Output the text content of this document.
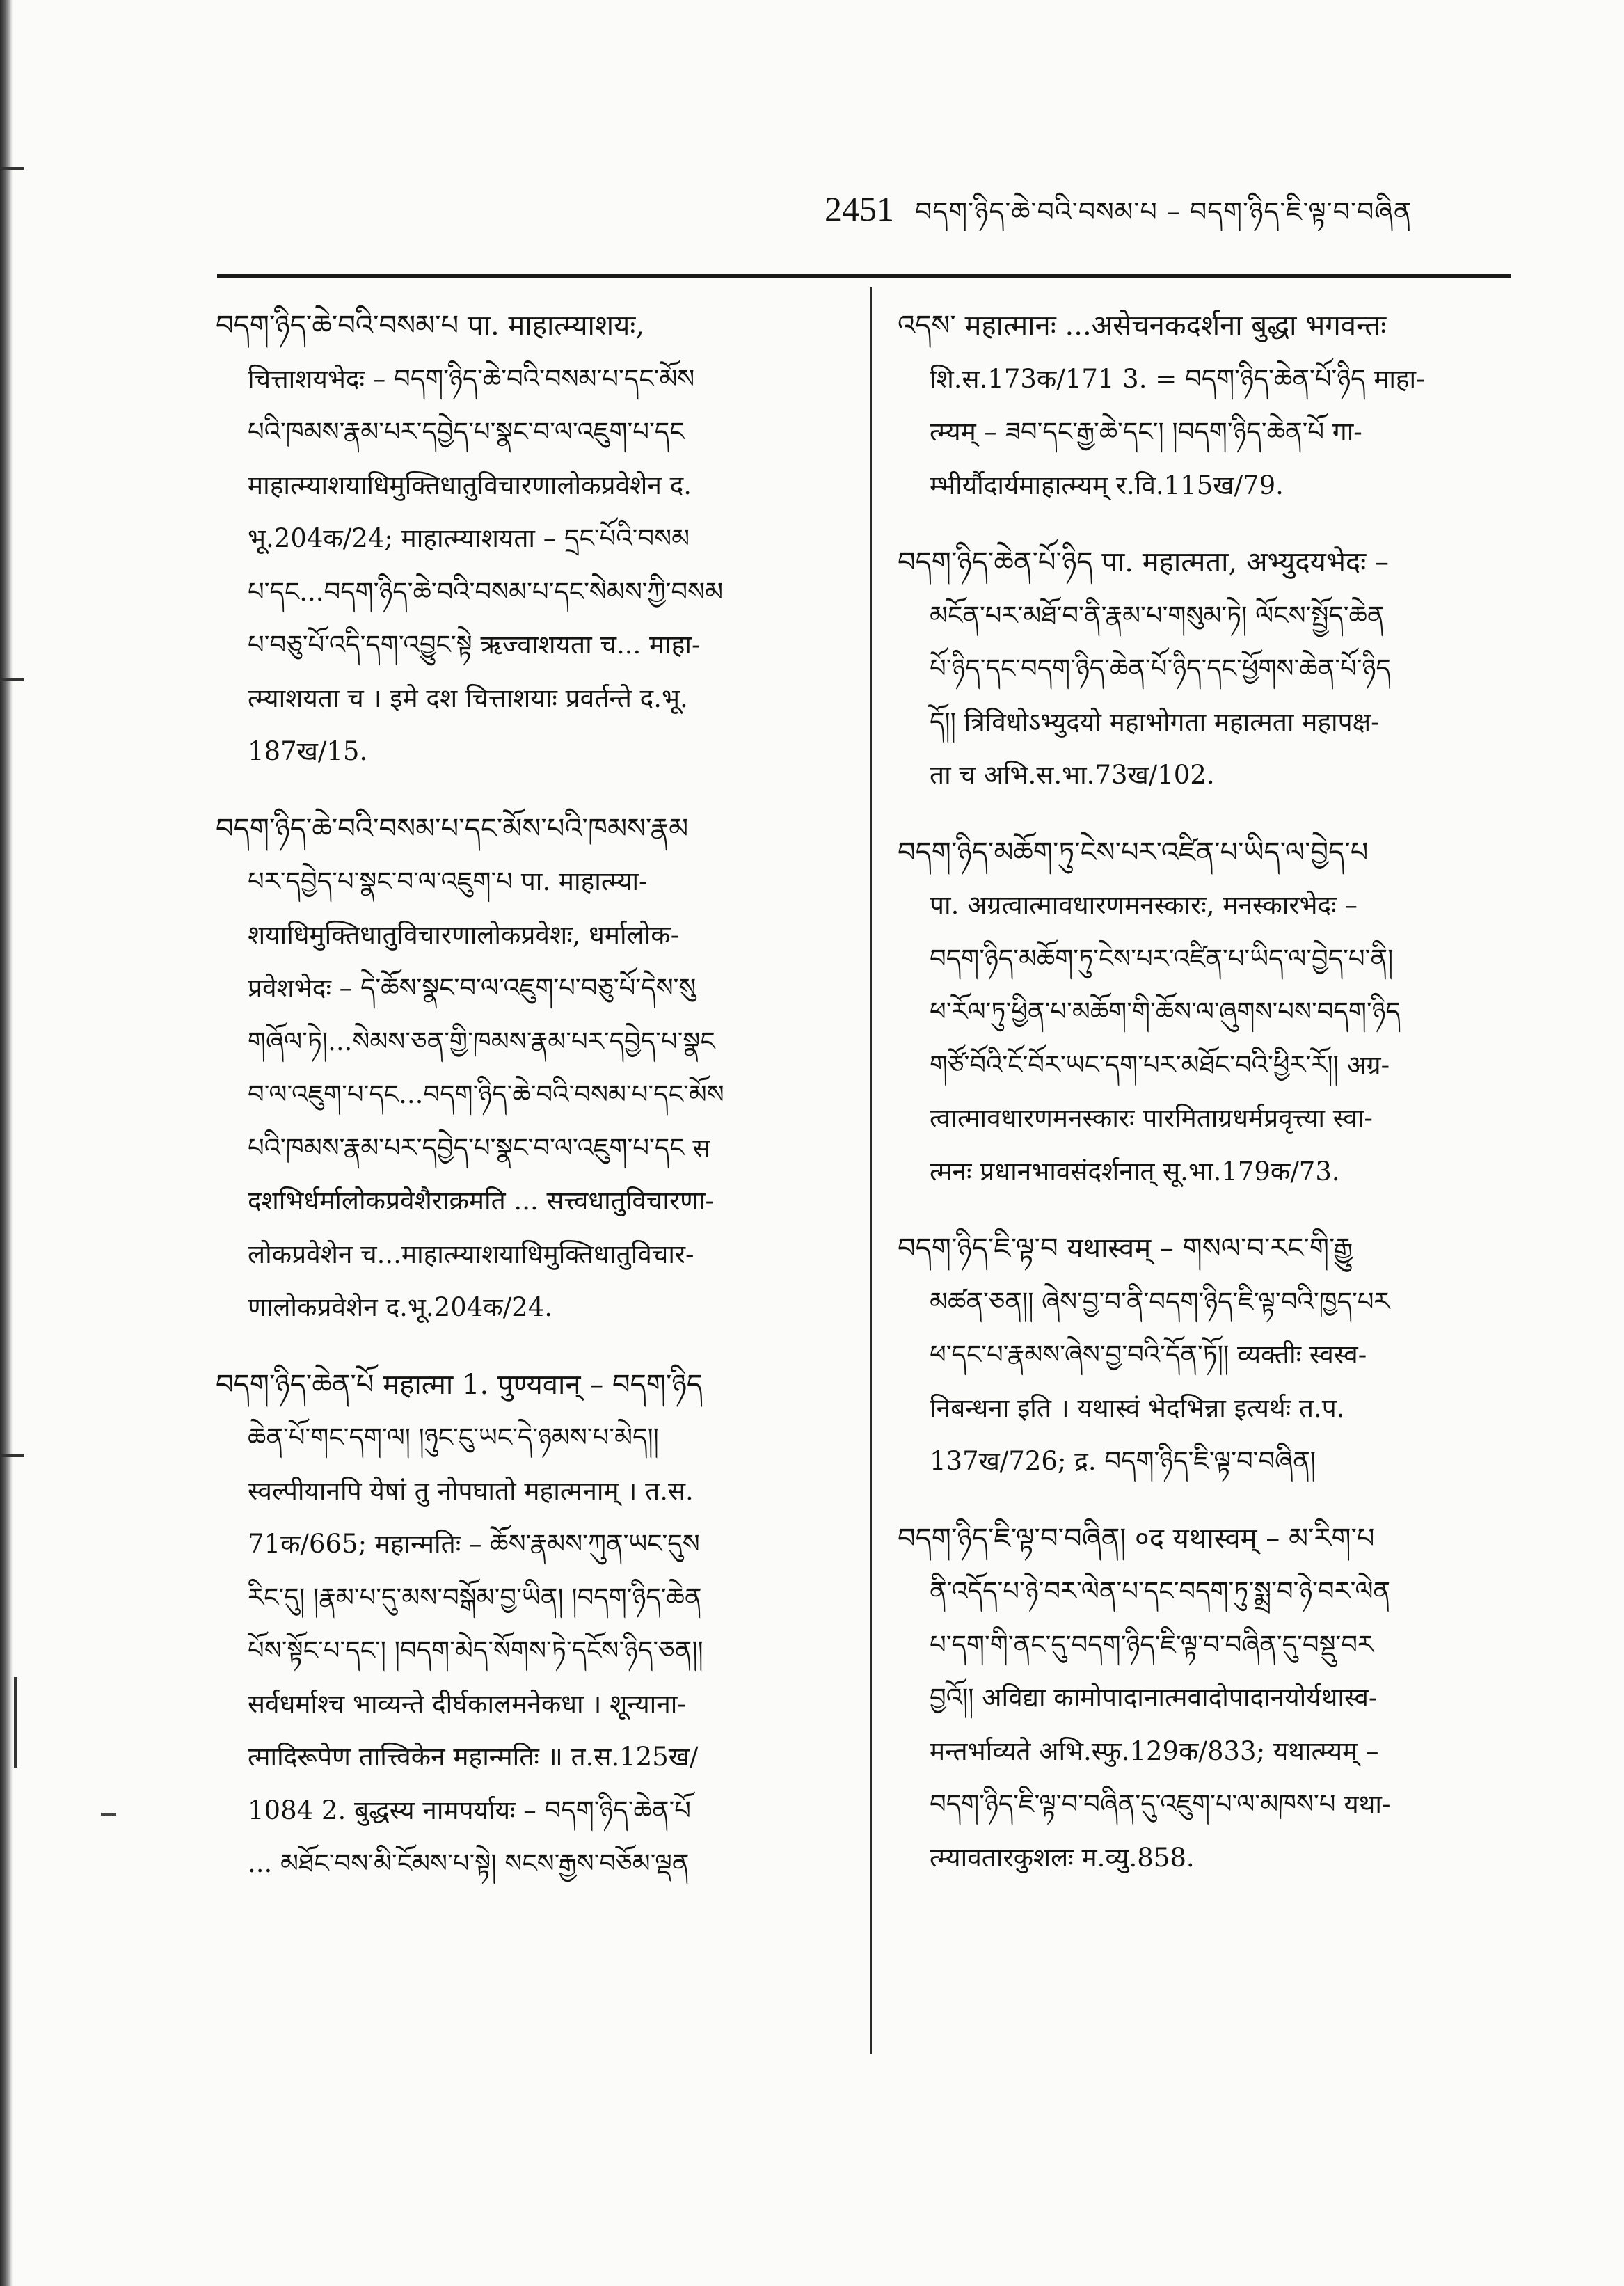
2451 བདག་ཉིད་ཆེ་བའི་བསམ་པ – བདག་ཉིད་ཇི་ལྟ་བ་བཞིན
བདག་ཉིད་ཆེ་བའི་བསམ་པ पा. माहात्म्याशयः,
चित्ताशयभेदः – བདག་ཉིད་ཆེ་བའི་བསམ་པ་དང་མོས
པའི་ཁམས་རྣམ་པར་དབྱེད་པ་སྣང་བ་ལ་འཇུག་པ་དང
माहात्म्याशयाधिमुक्तिधातुविचारणालोकप्रवेशेन द.
भू.204क/24; माहात्म्याशयता – དྲང་པོའི་བསམ
པ་དང...བདག་ཉིད་ཆེ་བའི་བསམ་པ་དང་སེམས་ཀྱི་བསམ
པ་བཅུ་པོ་འདི་དག་འབྱུང་སྟེ ऋज्वाशयता च... माहा-
त्म्याशयता च । इमे दश चित्ताशयाः प्रवर्तन्ते द.भू.
187ख/15.
བདག་ཉིད་ཆེ་བའི་བསམ་པ་དང་མོས་པའི་ཁམས་རྣམ
པར་དབྱེད་པ་སྣང་བ་ལ་འཇུག་པ पा. माहात्म्या-
शयाधिमुक्तिधातुविचारणालोकप्रवेशः, धर्मालोक-
प्रवेशभेदः – དེ་ཆོས་སྣང་བ་ལ་འཇུག་པ་བཅུ་པོ་དེས་སུ
གཞོལ་ཏེ།...སེམས་ཅན་གྱི་ཁམས་རྣམ་པར་དབྱེད་པ་སྣང
བ་ལ་འཇུག་པ་དང...བདག་ཉིད་ཆེ་བའི་བསམ་པ་དང་མོས
པའི་ཁམས་རྣམ་པར་དབྱེད་པ་སྣང་བ་ལ་འཇུག་པ་དང स
दशभिर्धर्मालोकप्रवेशैराक्रमति ... सत्त्वधातुविचारणा-
लोकप्रवेशेन च...माहात्म्याशयाधिमुक्तिधातुविचार-
णालोकप्रवेशेन द.भू.204क/24.
བདག་ཉིད་ཆེན་པོ महात्मा 1. पुण्यवान् – བདག་ཉིད
ཆེན་པོ་གང་དག་ལ། །ཉུང་ངུ་ཡང་དེ་ཉམས་པ་མེད།།
स्वल्पीयानपि येषां तु नोपघातो महात्मनाम् । त.स.
71क/665; महान्मतिः – ཆོས་རྣམས་ཀུན་ཡང་དུས
རིང་དུ། །རྣམ་པ་དུ་མས་བསྒོམ་བྱ་ཡིན། །བདག་ཉིད་ཆེན
པོས་སྟོང་པ་དང་། །བདག་མེད་སོགས་ཏེ་དངོས་ཉིད་ཅན།།
सर्वधर्माश्च भाव्यन्ते दीर्घकालमनेकधा । शून्याना-
त्मादिरूपेण तात्त्विकेन महान्मतिः ॥ त.स.125ख/
1084 2. बुद्धस्य नामपर्यायः – བདག་ཉིད་ཆེན་པོ
... མཐོང་བས་མི་ངོམས་པ་སྟེ། སངས་རྒྱས་བཅོམ་ལྡན
འདས་ महात्मानः ...असेचनकदर्शना बुद्धा भगवन्तः
शि.स.173क/171 3. = བདག་ཉིད་ཆེན་པོ་ཉིད माहा-
त्म्यम् – ཟབ་དང་རྒྱ་ཆེ་དང་། །བདག་ཉིད་ཆེན་པོ गा-
म्भीर्यौदार्यमाहात्म्यम् र.वि.115ख/79.
བདག་ཉིད་ཆེན་པོ་ཉིད पा. महात्मता, अभ्युदयभेदः –
མངོན་པར་མཐོ་བ་ནི་རྣམ་པ་གསུམ་ཏེ། ལོངས་སྤྱོད་ཆེན
པོ་ཉིད་དང་བདག་ཉིད་ཆེན་པོ་ཉིད་དང་ཕྱོགས་ཆེན་པོ་ཉིད
དོ།། त्रिविधोऽभ्युदयो महाभोगता महात्मता महापक्ष-
ता च अभि.स.भा.73ख/102.
བདག་ཉིད་མཆོག་ཏུ་ངེས་པར་འཛིན་པ་ཡིད་ལ་བྱེད་པ
पा. अग्रत्वात्मावधारणमनस्कारः, मनस्कारभेदः –
བདག་ཉིད་མཆོག་ཏུ་ངེས་པར་འཛིན་པ་ཡིད་ལ་བྱེད་པ་ནི།
ཕ་རོལ་ཏུ་ཕྱིན་པ་མཆོག་གི་ཆོས་ལ་ཞུགས་པས་བདག་ཉིད
གཙོ་བོའི་ངོ་བོར་ཡང་དག་པར་མཐོང་བའི་ཕྱིར་རོ།། अग्र-
त्वात्मावधारणमनस्कारः पारमिताग्रधर्मप्रवृत्त्या स्वा-
त्मनः प्रधानभावसंदर्शनात् सू.भा.179क/73.
བདག་ཉིད་ཇི་ལྟ་བ यथास्वम् – གསལ་བ་རང་གི་རྒྱུ
མཚན་ཅན།། ཞེས་བྱ་བ་ནི་བདག་ཉིད་ཇི་ལྟ་བའི་ཁྱད་པར
ཕ་དང་པ་རྣམས་ཞེས་བྱ་བའི་དོན་ཏོ།། व्यक्तीः स्वस्व-
निबन्धना इति । यथास्वं भेदभिन्ना इत्यर्थः त.प.
137ख/726; द्र. བདག་ཉིད་ཇི་ལྟ་བ་བཞིན།
བདག་ཉིད་ཇི་ལྟ་བ་བཞིན། ०द यथास्वम् – མ་རིག་པ
ནི་འདོད་པ་ཉེ་བར་ལེན་པ་དང་བདག་ཏུ་སྨྲ་བ་ཉེ་བར་ལེན
པ་དག་གི་ནང་དུ་བདག་ཉིད་ཇི་ལྟ་བ་བཞིན་དུ་བསྡུ་བར
བྱའོ།། अविद्या कामोपादानात्मवादोपादानयोर्यथास्व-
मन्तर्भाव्यते अभि.स्फु.129क/833; यथात्म्यम् –
བདག་ཉིད་ཇི་ལྟ་བ་བཞིན་དུ་འཇུག་པ་ལ་མཁས་པ यथा-
त्म्यावतारकुशलः म.व्यु.858.
